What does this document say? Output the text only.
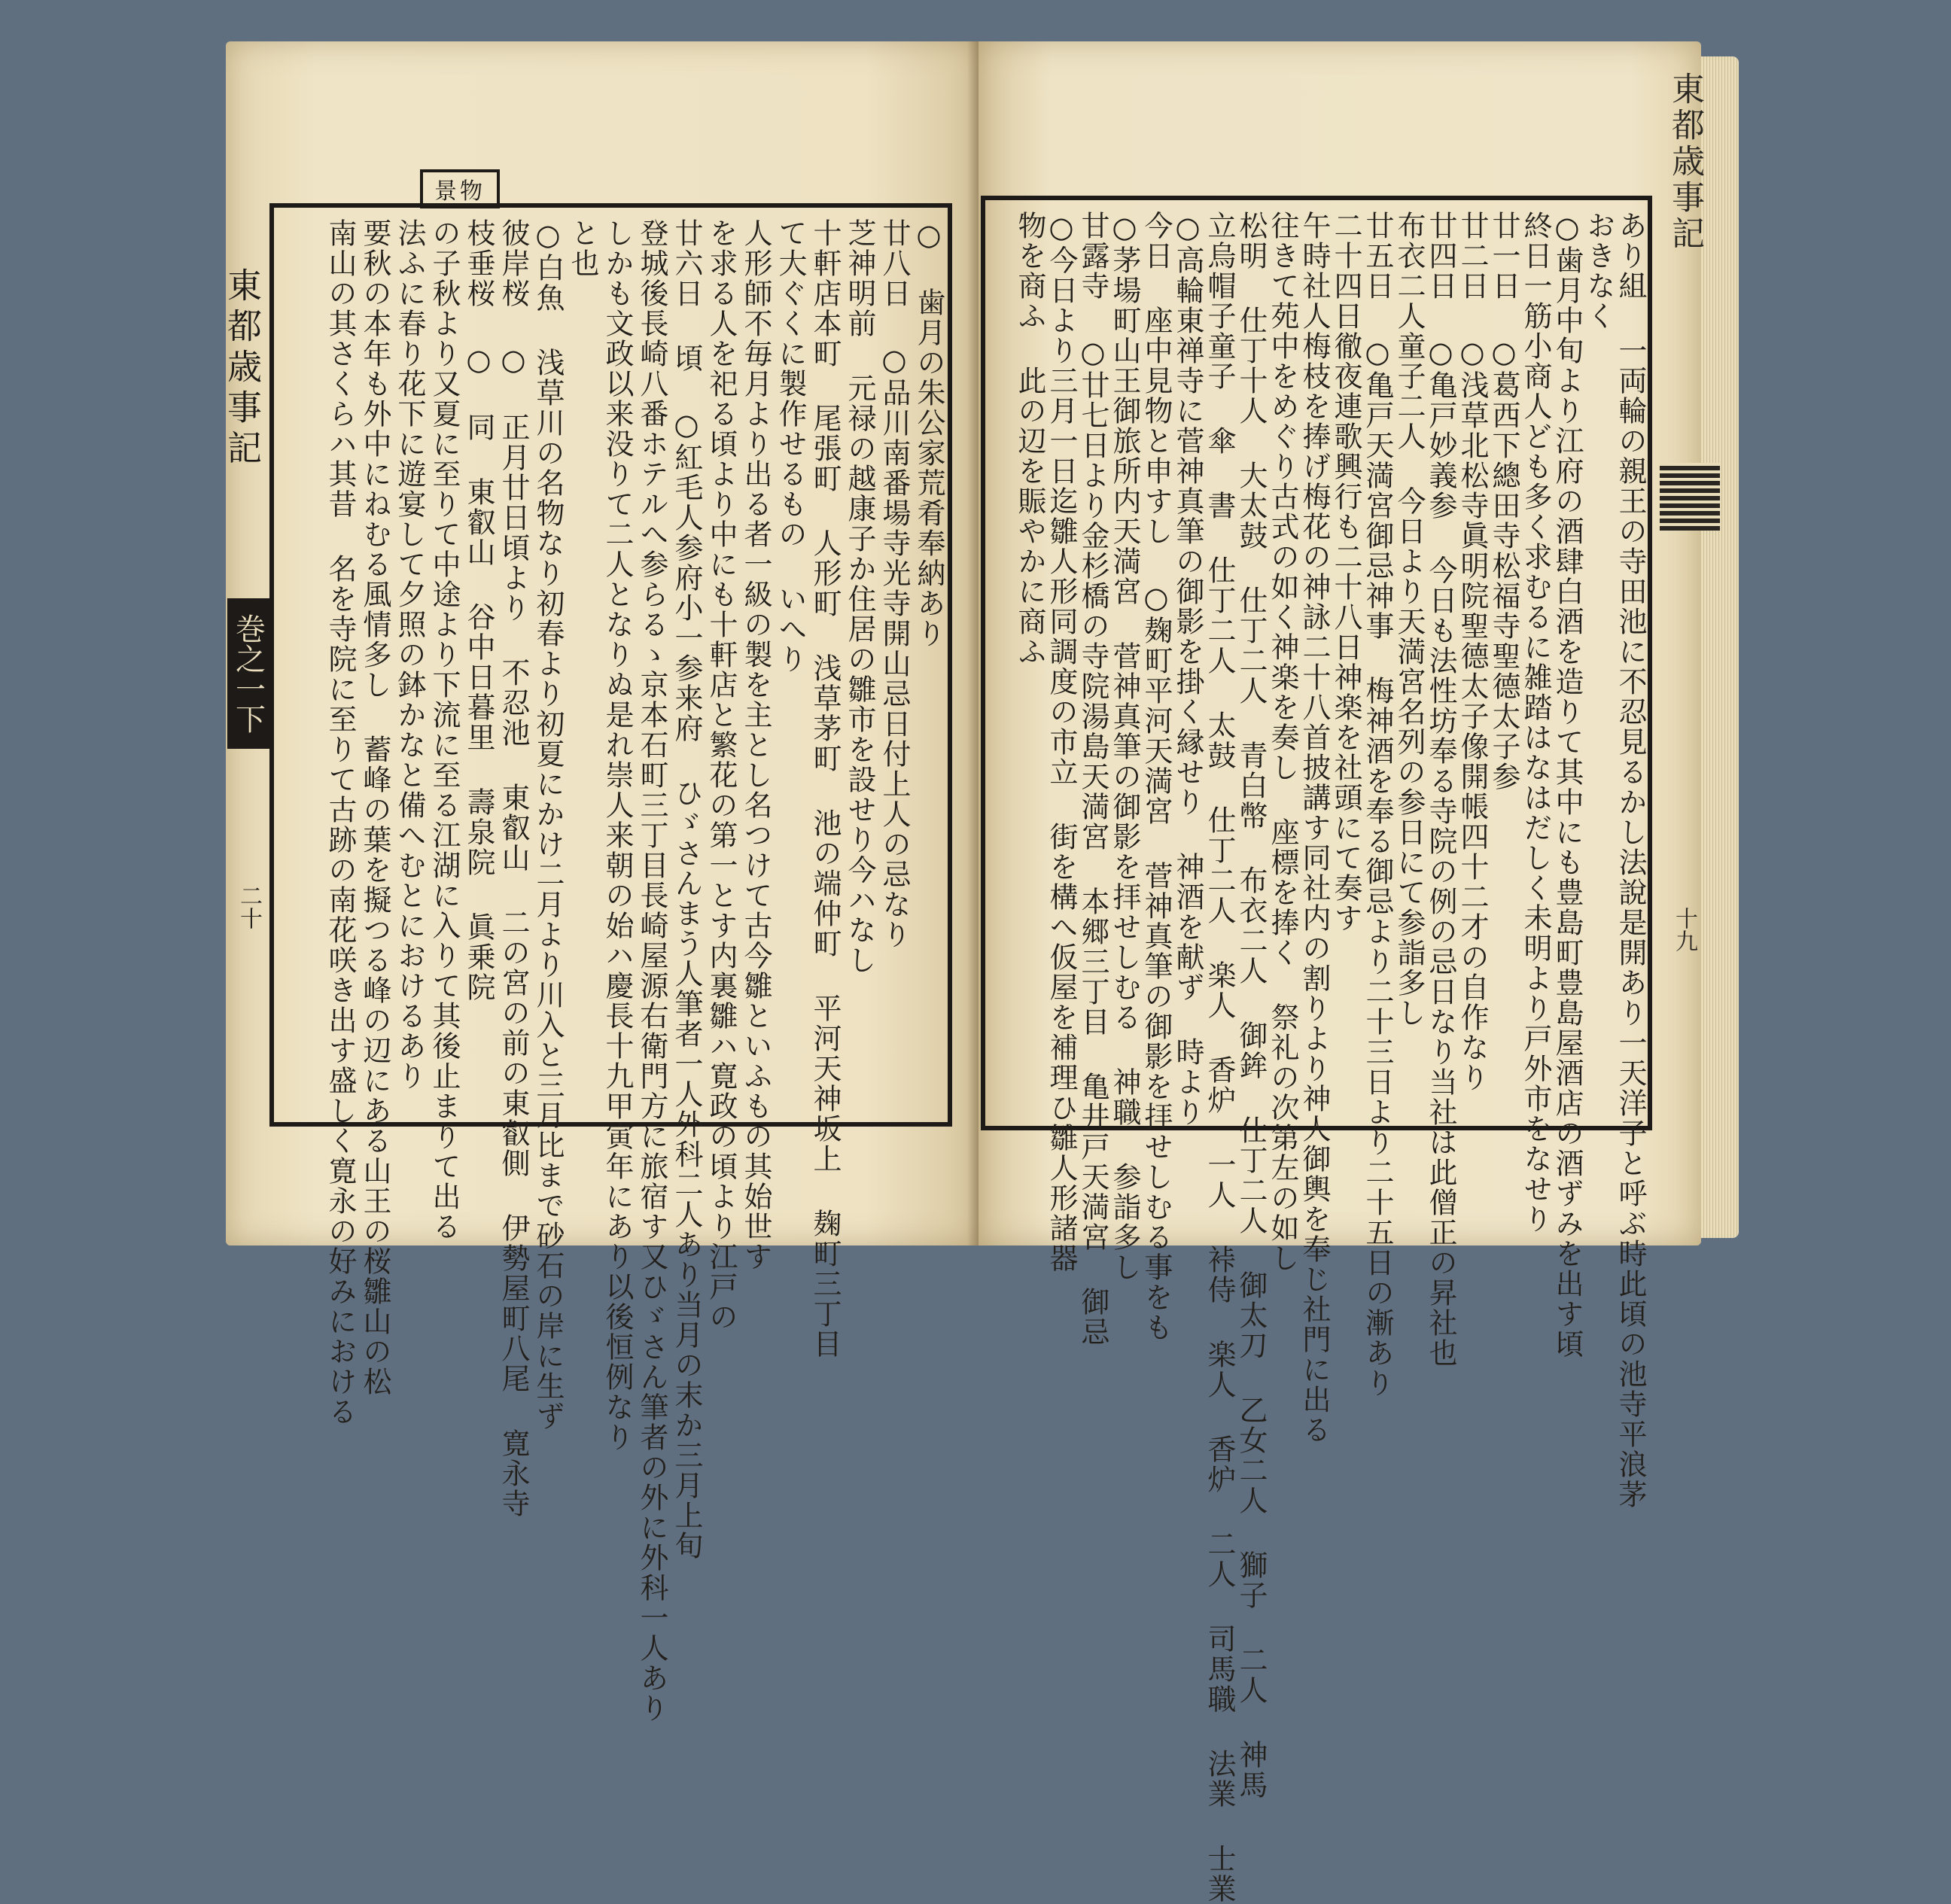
景物
東都歳事記
巻之一下
二十
○ 歯月の朱公家荒肴奉納あり
廿八日 ○品川南番場寺光寺開山忌日付上人の忌なり
芝神明前 元禄の越康子か住居の雛市を設せり今ハなし
十軒店本町 尾張町 人形町 浅草茅町 池の端仲町 平河天神坂上 麹町三丁目
て大ぐくに製作せるもの いへり
人形師不毎月より出る者一級の製を主とし名つけて古今雛といふもの其始世す
を求る人を祀る頃より中にも十軒店と繁花の第一とす内裏雛ハ寛政の頃より江戸の
廿六日 頃 ○紅毛人参府小一参来府 ひゞさんまう人筆者一人外科二人あり当月の末か三月上旬
登城後長崎八番ホテルへ参らるゝ京本石町三丁目長崎屋源右衛門方に旅宿す又ひゞさん筆者の外に外科一人あり
しかも文政以来没りて二人となりぬ是れ崇人来朝の始ハ慶長十九甲寅年にあり以後恒例なり
と也
○白魚 浅草川の名物なり初春より初夏にかけ二月より川入と三月比まで砂石の岸に生ず
彼岸桜 ○ 正月廿日頃より 不忍池 東叡山 二の宮の前の東叡側 伊勢屋町八尾 寛永寺
枝垂桜 ○ 同 東叡山 谷中日暮里 壽泉院 眞乗院
の子秋より又夏に至りて中途より下流に至る江湖に入りて其後止まりて出る
法ふに春り花下に遊宴して夕照の鉢かなと備へむとにおけるあり
要秋の本年も外中にねむる風情多し 蓄峰の葉を擬つる峰の辺にある山王の桜雛山の松
南山の其さくらハ其昔 名を寺院に至りて古跡の南花咲き出す盛しく寛永の好みにおける	あり組 一両輪の親王の寺田池に不忍見るかし法說是開あり一天洋子と呼ぶ時此頃の池寺平浪茅
おきなく
○歯月中旬より江府の酒肆白酒を造りて其中にも豊島町豊島屋酒店の酒ずみを出す頃
終日一筋小商人ども多く求むるに雑踏はなはだしく未明より戸外市をなせり
廿一日 ○葛西下總田寺松福寺聖德太子参
廿二日 ○浅草北松寺眞明院聖德太子像開帳四十二才の自作なり
廿四日 ○亀戸妙義参 今日も法性坊奉る寺院の例の忌日なり当社は此僧正の昇社也
布衣二人童子二人 今日より天満宮名列の参日にて参詣多し
廿五日 ○亀戸天満宮御忌神事 梅神酒を奉る御忌より二十三日より二十五日の漸あり
二十四日徹夜連歌興行も二十八日神楽を社頭にて奏す
午時社人梅枝を捧げ梅花の神詠二十八首披講す同社内の割りより神人御輿を奉じ社門に出る
往きて苑中をめぐり古式の如く神楽を奏し 座標を捧く 祭礼の次第左の如し
松明 仕丁十人 大太鼓 仕丁二人 青白幣 布衣二人 御鉾 仕丁二人 御太刀 乙女二人 獅子 二人 神馬
立烏帽子童子 傘 書 仕丁二人 太鼓 仕丁二人 楽人 香炉 一人 裃侍 楽人 香炉 二人 司馬職 法業 士業
○高輪東禅寺に菅神真筆の御影を掛く縁せり 神酒を献ず 時より
今日 座中見物と申すし ○麹町平河天満宮 菅神真筆の御影を拝せしむる事をも
○茅場町山王御旅所内天満宮 菅神真筆の御影を拝せしむる 神職 参詣多し
甘露寺 ○廿七日より金杉橋の寺院湯島天満宮 本郷三丁目 亀井戸天満宮 御忌
○今日より三月一日迄雛人形同調度の市立 街を構へ仮屋を補理ひ雛人形諸器
物を商ふ 此の辺を賑やかに商ふ
東都歳事記
十九
